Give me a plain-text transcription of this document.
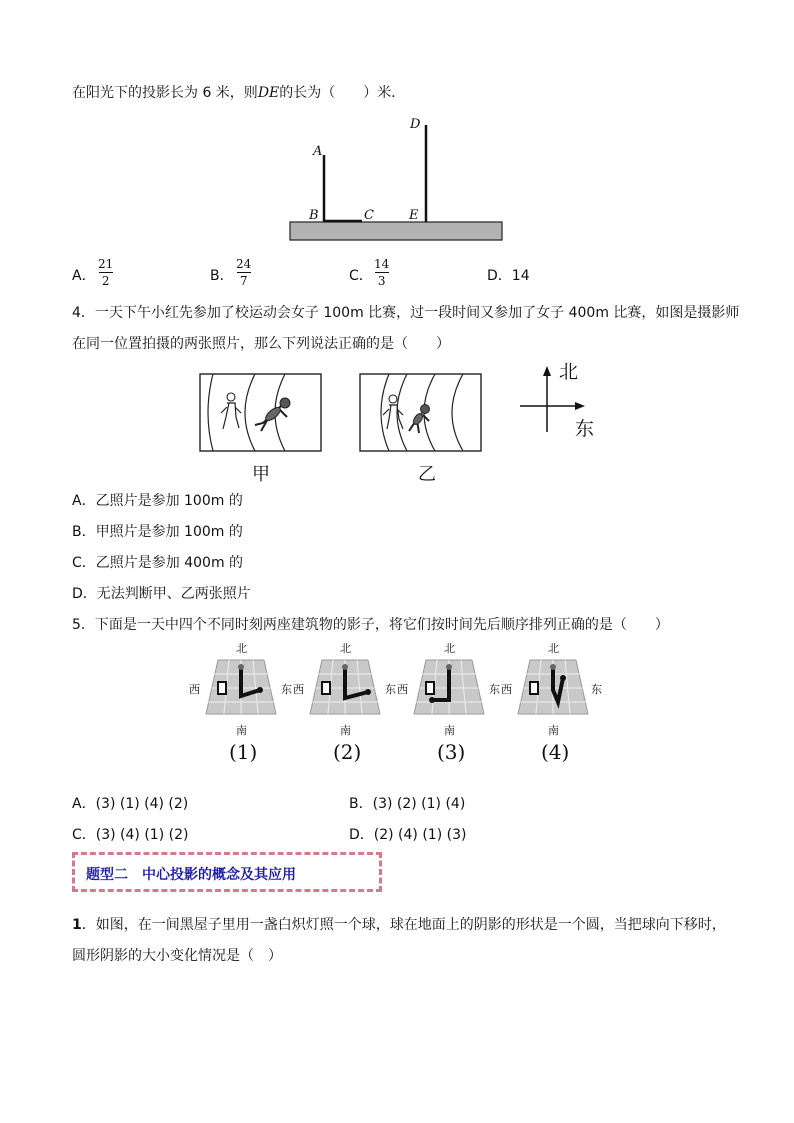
在阳光下的投影长为 6 米，则DE的长为（　　）米．
A
B	C
D
E
A．
21
2	B．
24
7	C．
14
3	D．14
4．一天下午小红先参加了校运动会女子 100m 比赛，过一段时间又参加了女子 400m 比赛，如图是摄影师
在同一位置拍摄的两张照片，那么下列说法正确的是（　　）
甲	乙
北
东
A．乙照片是参加 100m 的
B．甲照片是参加 100m 的
C．乙照片是参加 400m 的
D．无法判断甲、乙两张照片
5．下面是一天中四个不同时刻两座建筑物的影子，将它们按时间先后顺序排列正确的是（　　）
北
南
西	东
(1)
北
南
西	东
(2)
北
南
西	东
(3)
北
南
西	东
(4)
A．(3) (1) (4) (2)	B．(3) (2) (1) (4)
C．(3) (4) (1) (2)	D．(2) (4) (1) (3)
题型二　中心投影的概念及其应用
1．如图，在一间黑屋子里用一盏白炽灯照一个球，球在地面上的阴影的形状是一个圆，当把球向下移时，
圆形阴影的大小变化情况是（　）
